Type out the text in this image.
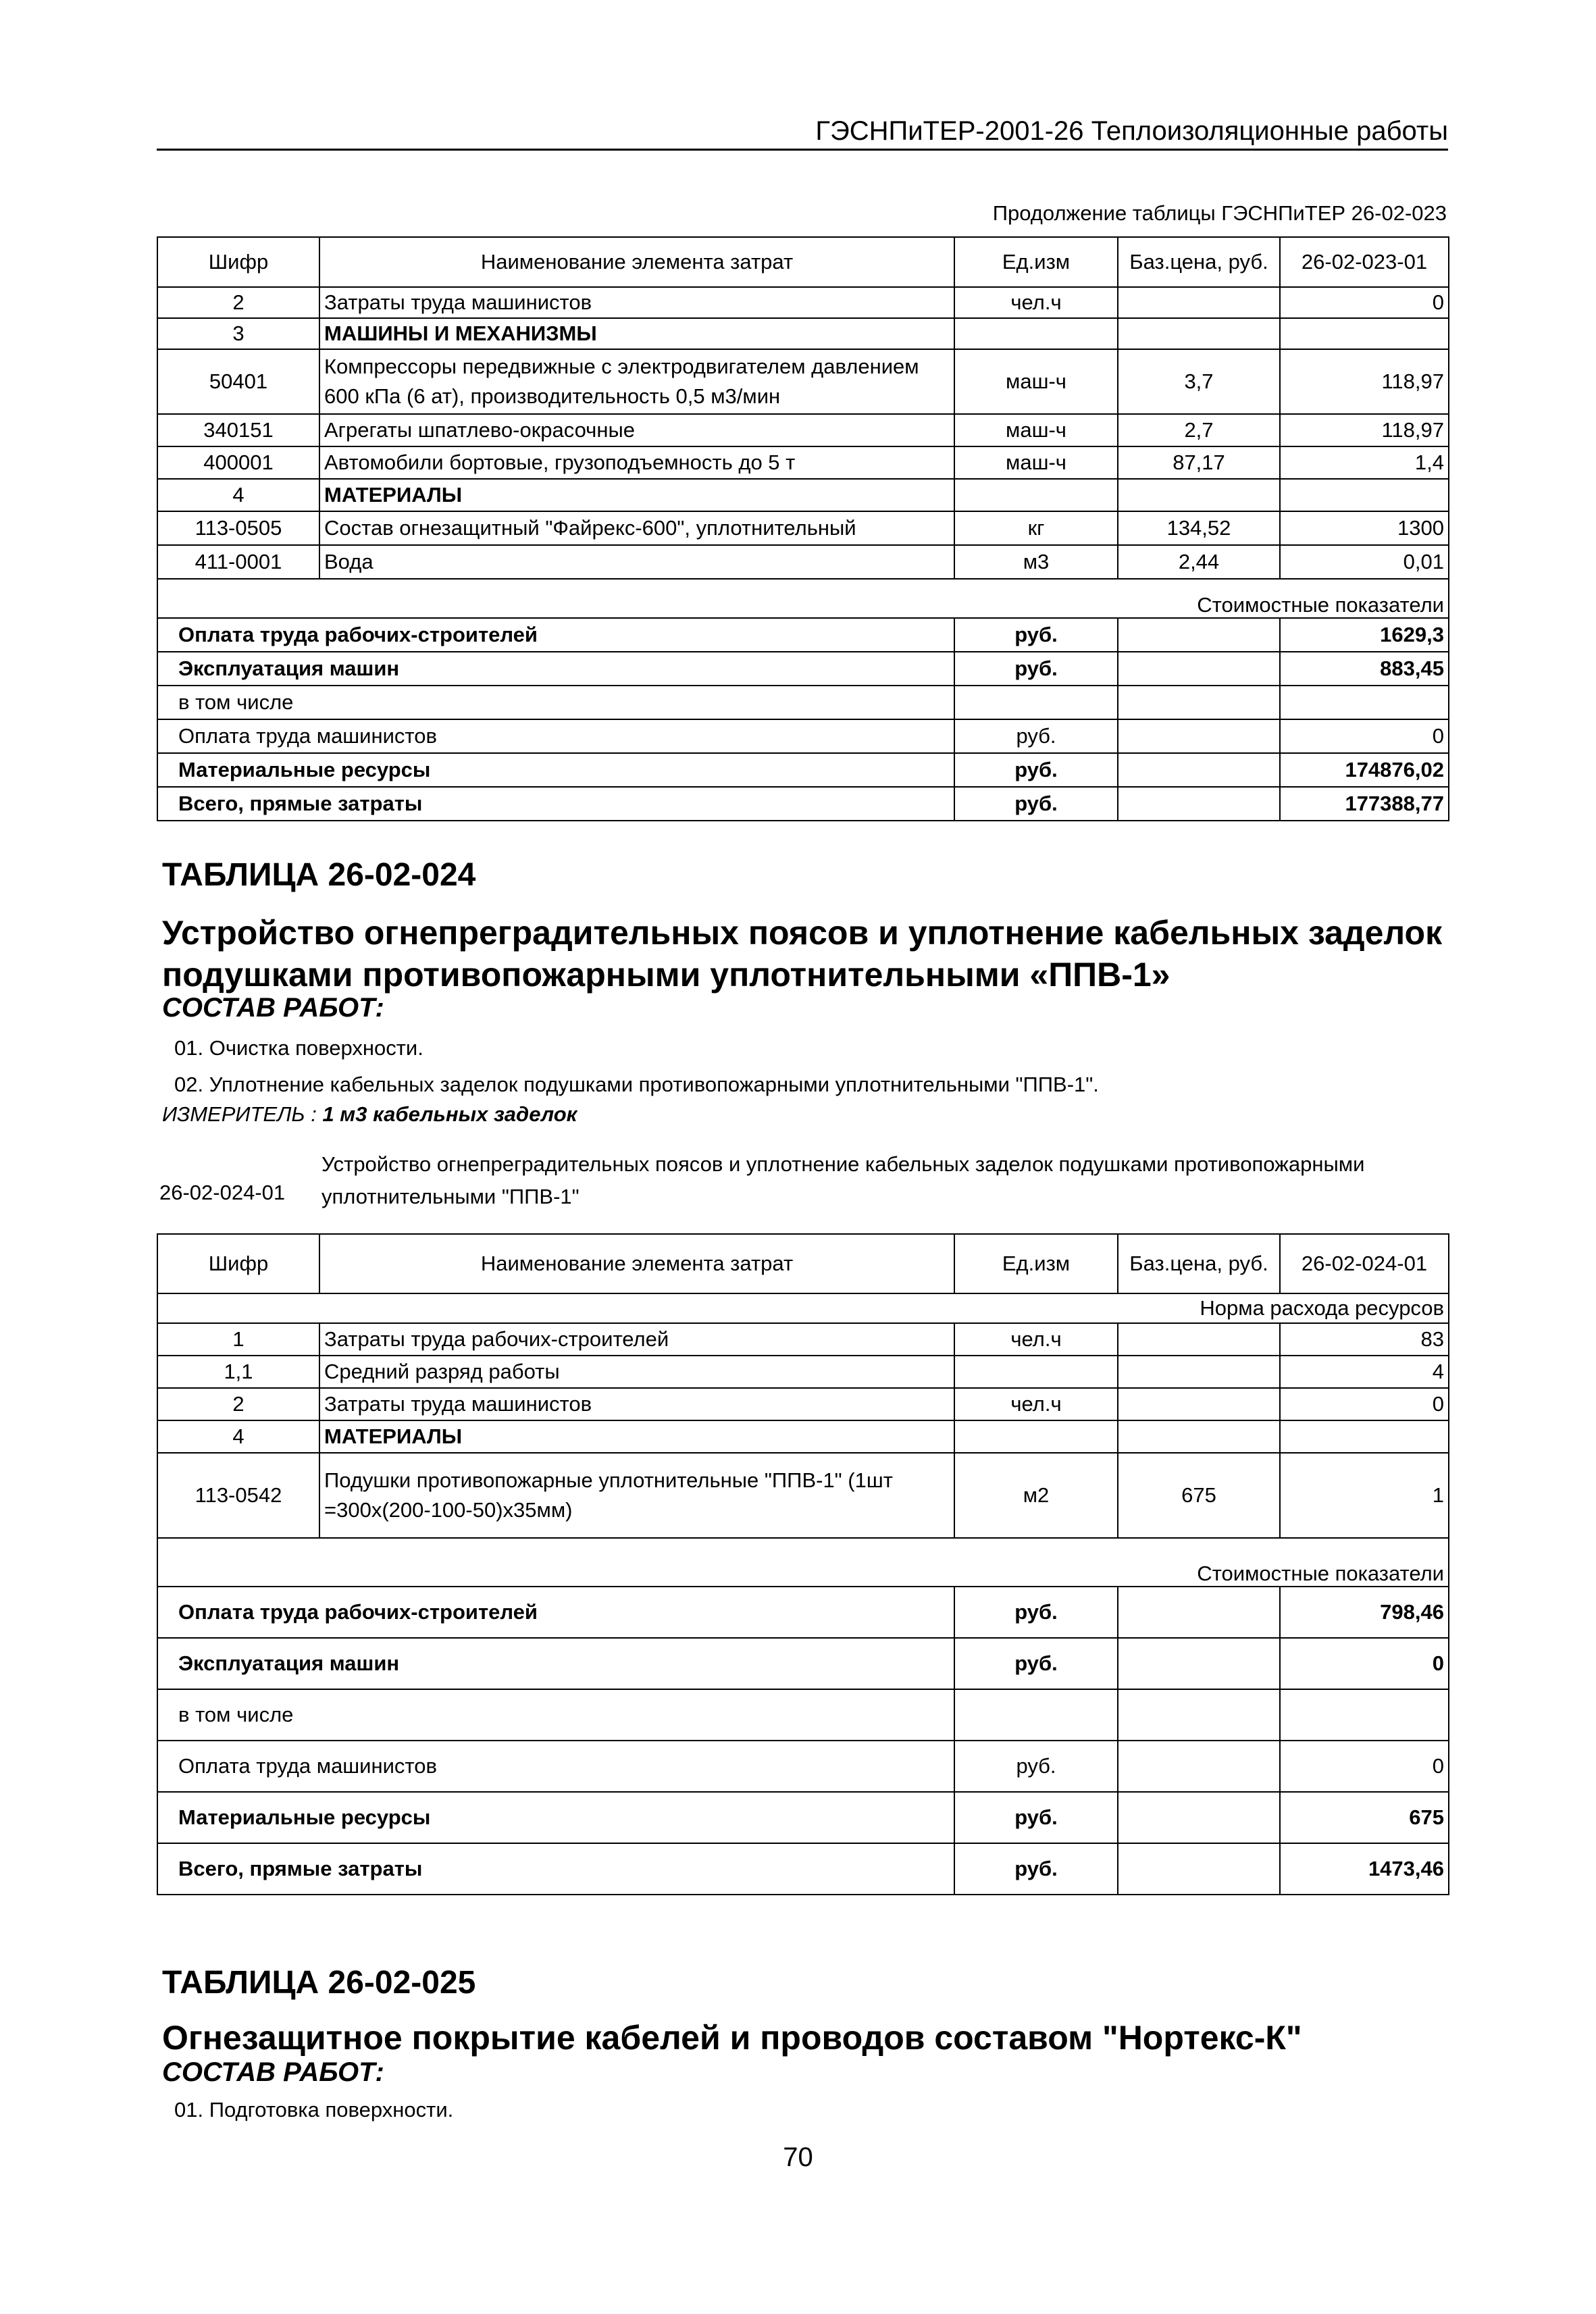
ГЭСНПиТЕР-2001-26 Теплоизоляционные работы
Продолжение таблицы ГЭСНПиТЕР 26-02-023
Шифр	Наименование элемента затрат	Ед.изм	Баз.цена, руб.	26-02-023-01
2	Затраты труда машинистов	чел.ч		0
3	МАШИНЫ И МЕХАНИЗМЫ			
50401	Компрессоры передвижные с электродвигателем давлением 600 кПа (6 ат), производительность 0,5 м3/мин	маш-ч	3,7	118,97
340151	Агрегаты шпатлево-окрасочные	маш-ч	2,7	118,97
400001	Автомобили бортовые, грузоподъемность до 5 т	маш-ч	87,17	1,4
4	МАТЕРИАЛЫ			
113-0505	Состав огнезащитный "Файрекс-600", уплотнительный	кг	134,52	1300
411-0001	Вода	м3	2,44	0,01
Стоимостные показатели				
Оплата труда рабочих-строителей		руб.		1629,3
Эксплуатация машин		руб.		883,45
в том числе				
Оплата труда машинистов		руб.		0
Материальные ресурсы		руб.		174876,02
Всего, прямые затраты		руб.		177388,77
ТАБЛИЦА 26-02-024
Устройство огнепреградительных поясов и уплотнение кабельных заделок подушками противопожарными уплотнительными «ППВ-1»
СОСТАВ РАБОТ:
01. Очистка поверхности.
02. Уплотнение кабельных заделок подушками противопожарными уплотнительными "ППВ-1".
ИЗМЕРИТЕЛЬ : 1 м3 кабельных заделок
26-02-024-01
Устройство огнепреградительных поясов и уплотнение кабельных заделок подушками противопожарными уплотнительными "ППВ-1"
Шифр	Наименование элемента затрат	Ед.изм	Баз.цена, руб.	26-02-024-01
Норма расхода ресурсов				
1	Затраты труда рабочих-строителей	чел.ч		83
1,1	Средний разряд работы			4
2	Затраты труда машинистов	чел.ч		0
4	МАТЕРИАЛЫ			
113-0542	Подушки противопожарные уплотнительные "ППВ-1" (1шт =300х(200-100-50)х35мм)	м2	675	1
Стоимостные показатели				
Оплата труда рабочих-строителей		руб.		798,46
Эксплуатация машин		руб.		0
в том числе				
Оплата труда машинистов		руб.		0
Материальные ресурсы		руб.		675
Всего, прямые затраты		руб.		1473,46
ТАБЛИЦА 26-02-025
Огнезащитное покрытие кабелей и проводов составом "Нортекс-К"
СОСТАВ РАБОТ:
01. Подготовка поверхности.
70
